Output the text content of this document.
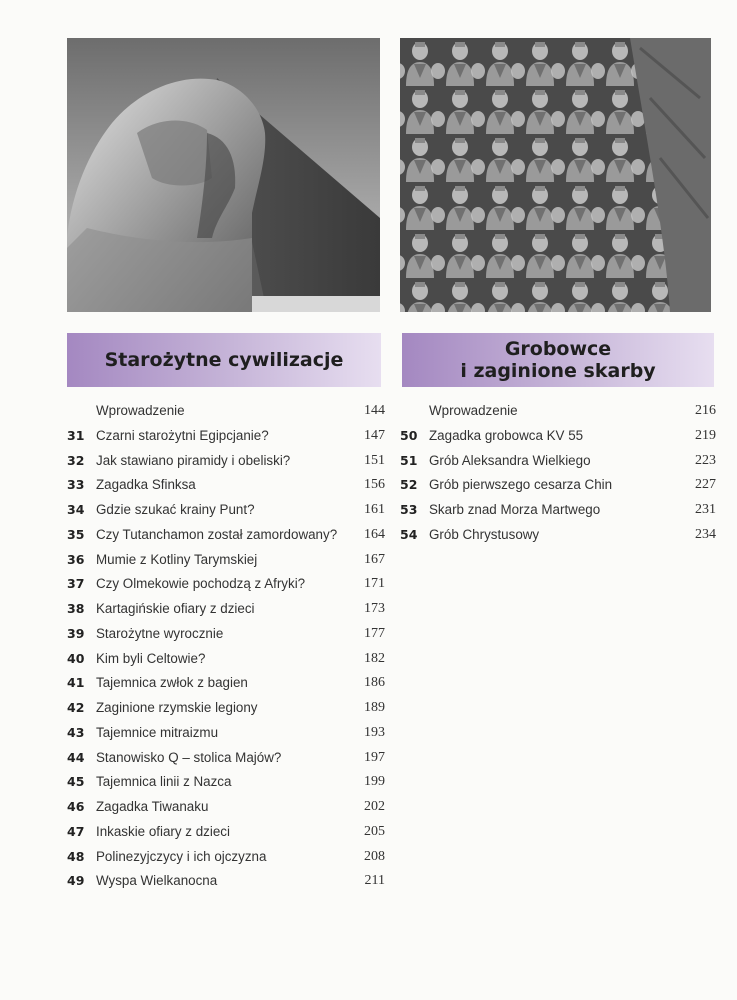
Starożytne cywilizacje	Grobowce
i zaginione skarby
Wprowadzenie	144
31 Czarni starożytni Egipcjanie?	147
32 Jak stawiano piramidy i obeliski?	151
33 Zagadka Sfinksa	156
34 Gdzie szukać krainy Punt?	161
35 Czy Tutanchamon został zamordowany? 164
36 Mumie z Kotliny Tarymskiej	167
37 Czy Olmekowie pochodzą z Afryki?	171
38 Kartagińskie ofiary z dzieci	173
39 Starożytne wyrocznie	177
40 Kim byli Celtowie?	182
41 Tajemnica zwłok z bagien	186
42 Zaginione rzymskie legiony	189
43 Tajemnice mitraizmu	193
44 Stanowisko Q – stolica Majów?	197
45 Tajemnica linii z Nazca	199
46 Zagadka Tiwanaku	202
47 Inkaskie ofiary z dzieci	205
48 Polinezyjczycy i ich ojczyzna	208
49 Wyspa Wielkanocna	211
Wprowadzenie	216
50 Zagadka grobowca KV 55	219
51 Grób Aleksandra Wielkiego	223
52 Grób pierwszego cesarza Chin	227
53 Skarb znad Morza Martwego	231
54 Grób Chrystusowy	234
